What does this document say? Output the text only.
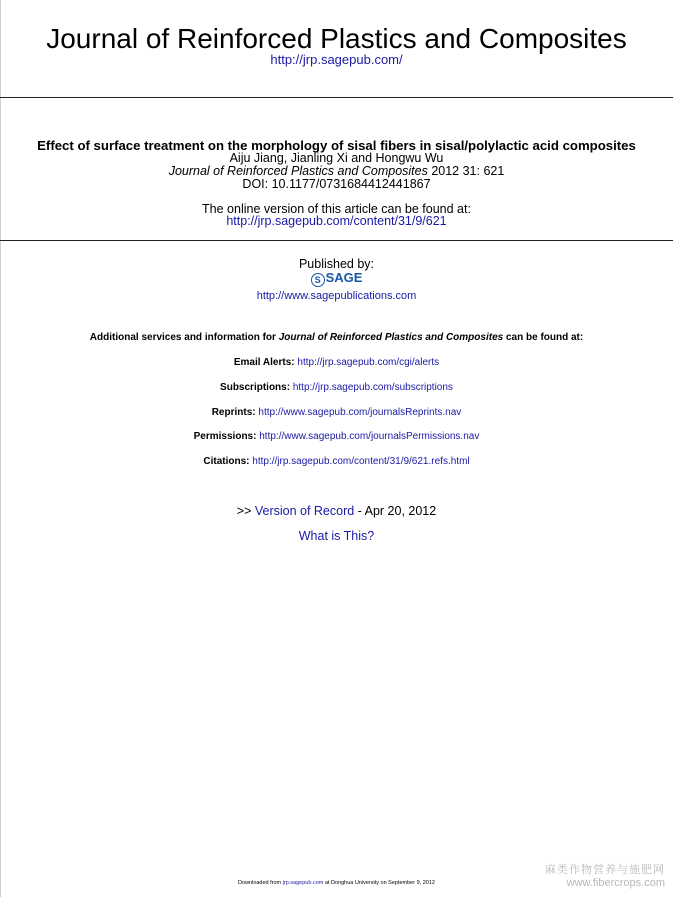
Journal of Reinforced Plastics and Composites
http://jrp.sagepub.com/
Effect of surface treatment on the morphology of sisal fibers in sisal/polylactic acid composites
Aiju Jiang, Jianling Xi and Hongwu Wu
Journal of Reinforced Plastics and Composites 2012 31: 621
DOI: 10.1177/0731684412441867
The online version of this article can be found at:
http://jrp.sagepub.com/content/31/9/621
Published by:
S SAGE
http://www.sagepublications.com
Additional services and information for Journal of Reinforced Plastics and Composites can be found at:
Email Alerts: http://jrp.sagepub.com/cgi/alerts
Subscriptions: http://jrp.sagepub.com/subscriptions
Reprints: http://www.sagepub.com/journalsReprints.nav
Permissions: http://www.sagepub.com/journalsPermissions.nav
Citations: http://jrp.sagepub.com/content/31/9/621.refs.html
>> Version of Record - Apr 20, 2012
What is This?
Downloaded from jrp.sagepub.com at Donghua University on September 9, 2012
麻类作物营养与施肥网
www.fibercrops.com
